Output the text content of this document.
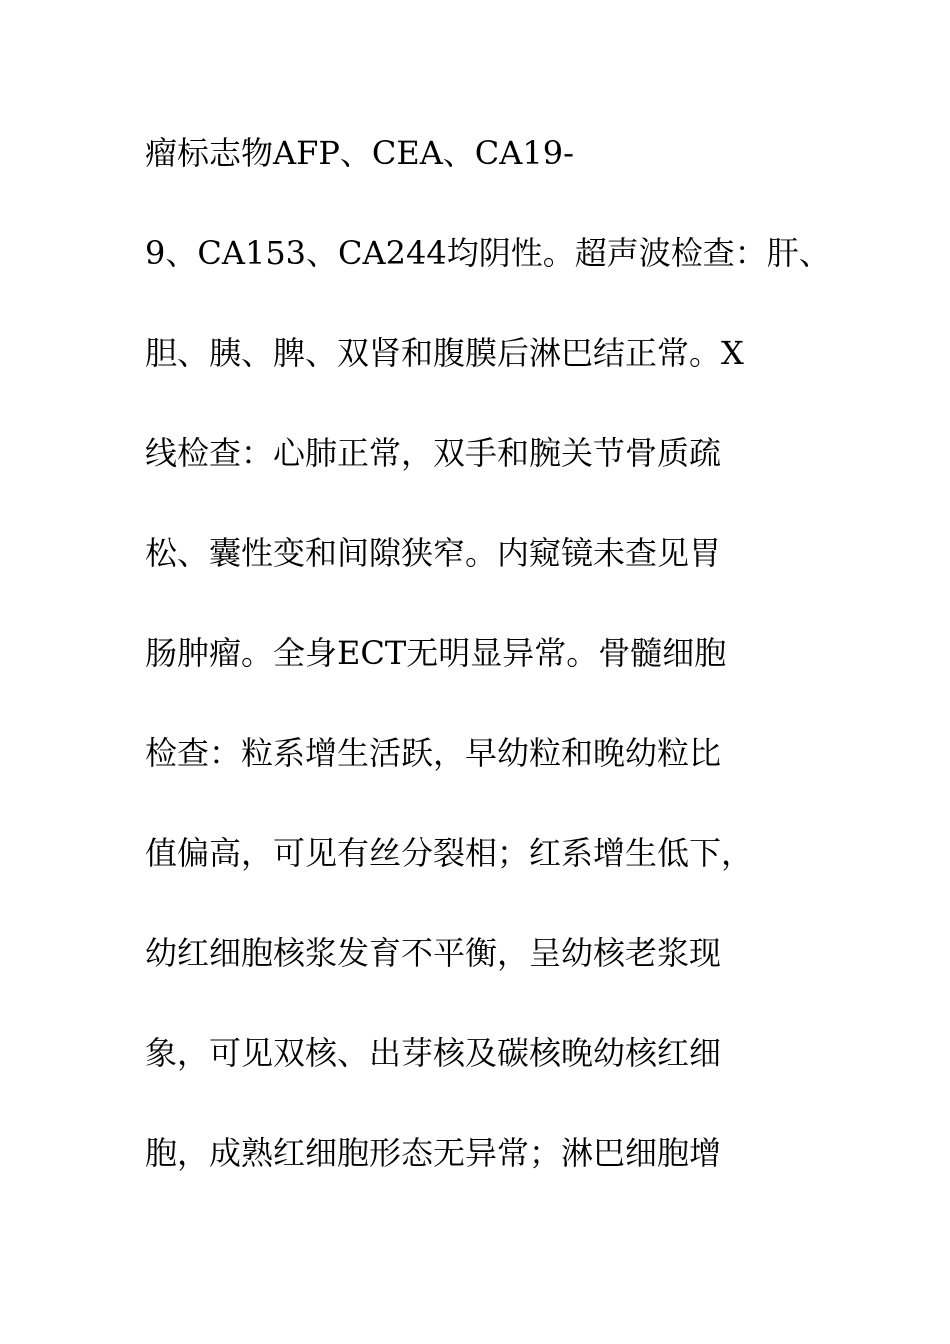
瘤标志物AFP、CEA、CA19-
9、CA153、CA244均阴性。超声波检查：肝、
胆、胰、脾、双肾和腹膜后淋巴结正常。X
线检查：心肺正常，双手和腕关节骨质疏
松、囊性变和间隙狭窄。内窥镜未查见胃
肠肿瘤。全身ECT无明显异常。骨髓细胞
检查：粒系增生活跃，早幼粒和晚幼粒比
值偏高，可见有丝分裂相；红系增生低下，
幼红细胞核浆发育不平衡，呈幼核老浆现
象，可见双核、出芽核及碳核晚幼核红细
胞，成熟红细胞形态无异常；淋巴细胞增
